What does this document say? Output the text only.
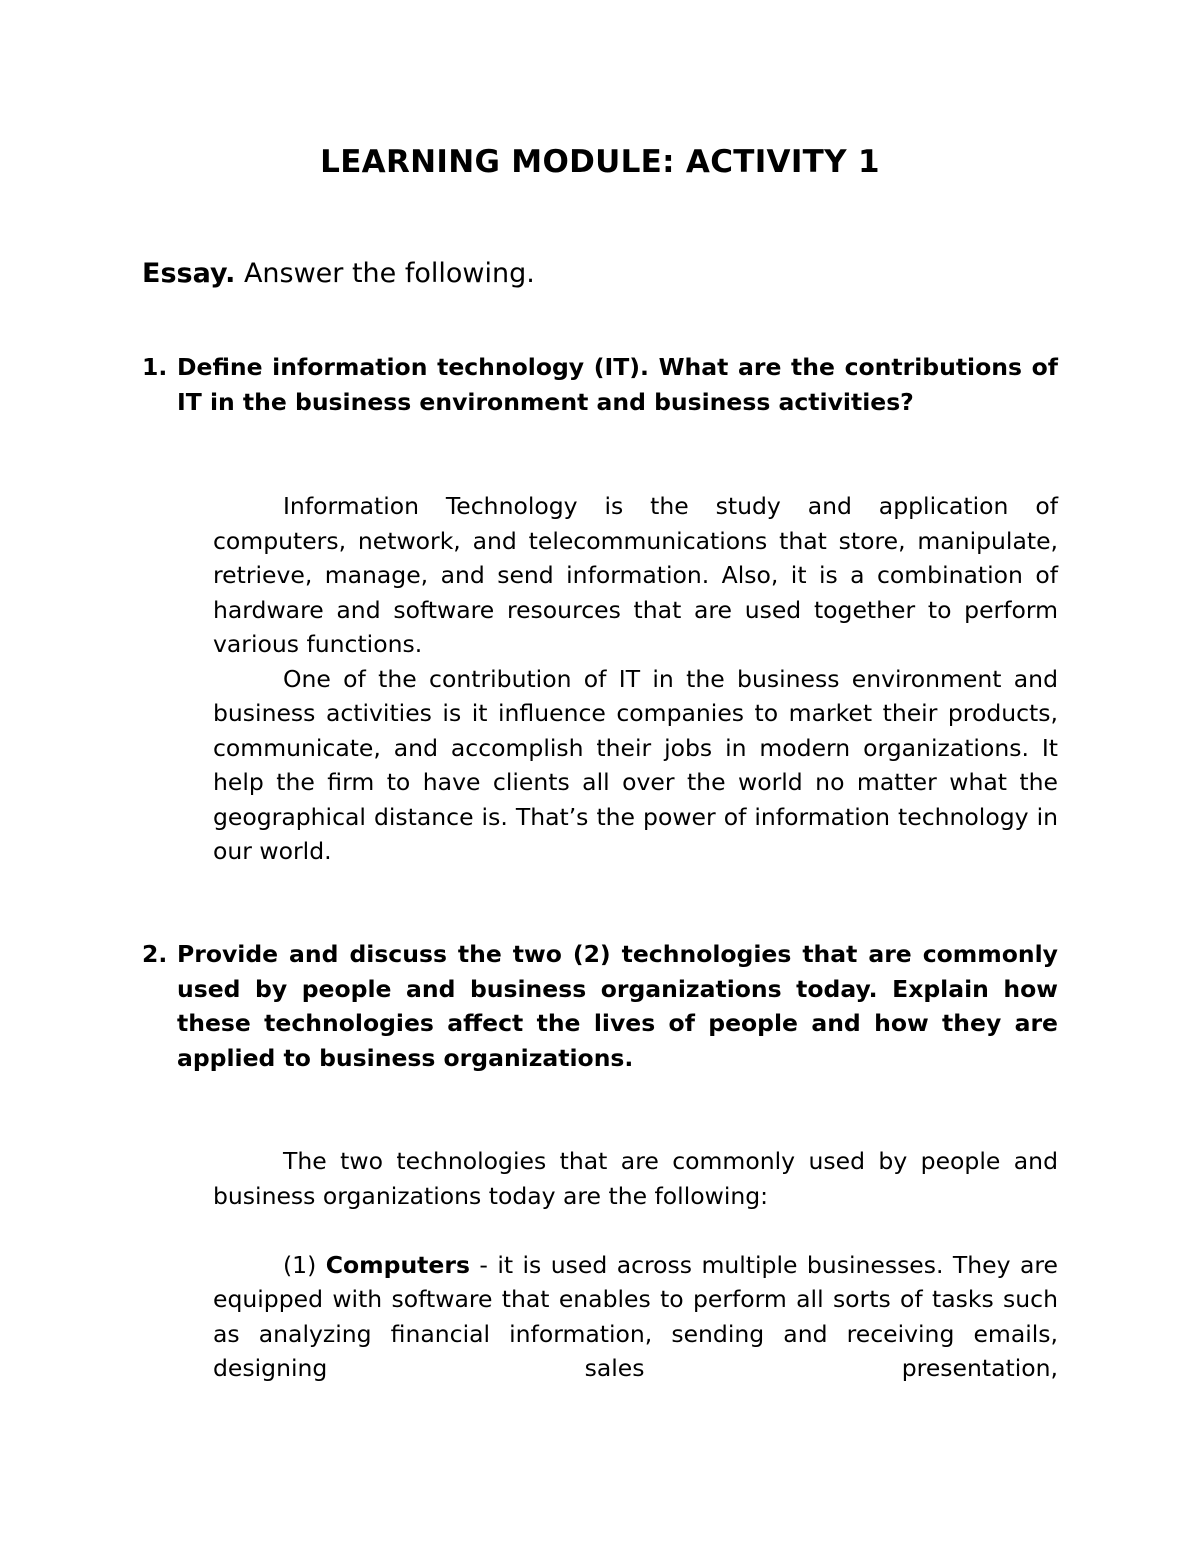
LEARNING MODULE: ACTIVITY 1

Essay. Answer the following.

1. Define information technology (IT). What are the contributions of IT in the business environment and business activities?

Information Technology is the study and application of computers, network, and telecommunications that store, manipulate, retrieve, manage, and send information. Also, it is a combination of hardware and software resources that are used together to perform various functions.

One of the contribution of IT in the business environment and business activities is it influence companies to market their products, communicate, and accomplish their jobs in modern organizations. It help the firm to have clients all over the world no matter what the geographical distance is. That’s the power of information technology in our world.

2. Provide and discuss the two (2) technologies that are commonly used by people and business organizations today. Explain how these technologies affect the lives of people and how they are applied to business organizations.

The two technologies that are commonly used by people and business organizations today are the following:

(1) Computers - it is used across multiple businesses. They are equipped with software that enables to perform all sorts of tasks such as analyzing financial information, sending and receiving emails, designing sales presentation,
